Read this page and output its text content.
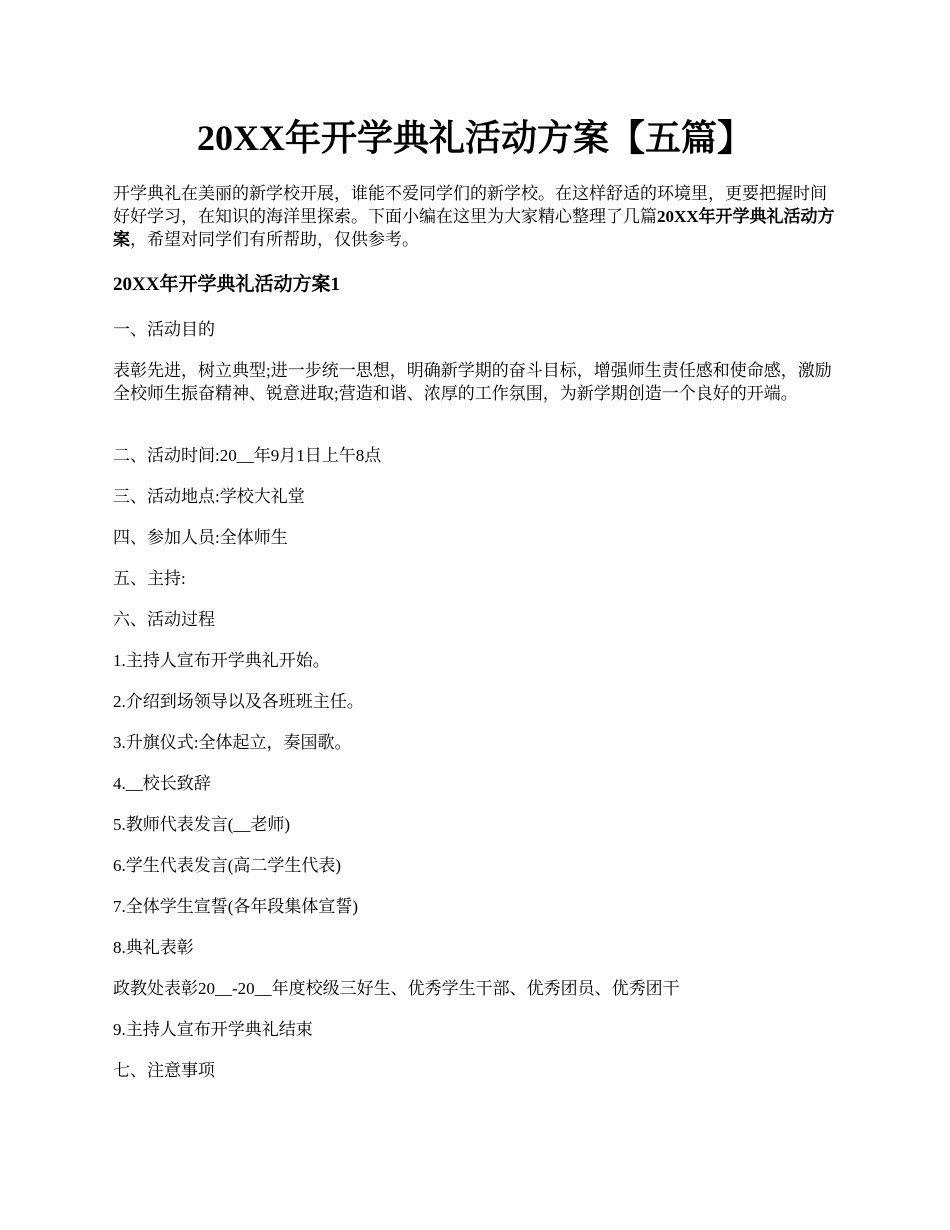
20XX年开学典礼活动方案【五篇】

开学典礼在美丽的新学校开展，谁能不爱同学们的新学校。在这样舒适的环境里，更要把握时间好好学习，在知识的海洋里探索。下面小编在这里为大家精心整理了几篇20XX年开学典礼活动方案，希望对同学们有所帮助，仅供参考。

20XX年开学典礼活动方案1

一、活动目的

表彰先进，树立典型;进一步统一思想，明确新学期的奋斗目标，增强师生责任感和使命感，激励全校师生振奋精神、锐意进取;营造和谐、浓厚的工作氛围，为新学期创造一个良好的开端。

二、活动时间:20__年9月1日上午8点

三、活动地点:学校大礼堂

四、参加人员:全体师生

五、主持:

六、活动过程

1.主持人宣布开学典礼开始。

2.介绍到场领导以及各班班主任。

3.升旗仪式:全体起立，奏国歌。

4.__校长致辞

5.教师代表发言(__老师)

6.学生代表发言(高二学生代表)

7.全体学生宣誓(各年段集体宣誓)

8.典礼表彰

政教处表彰20__-20__年度校级三好生、优秀学生干部、优秀团员、优秀团干

9.主持人宣布开学典礼结束

七、注意事项
